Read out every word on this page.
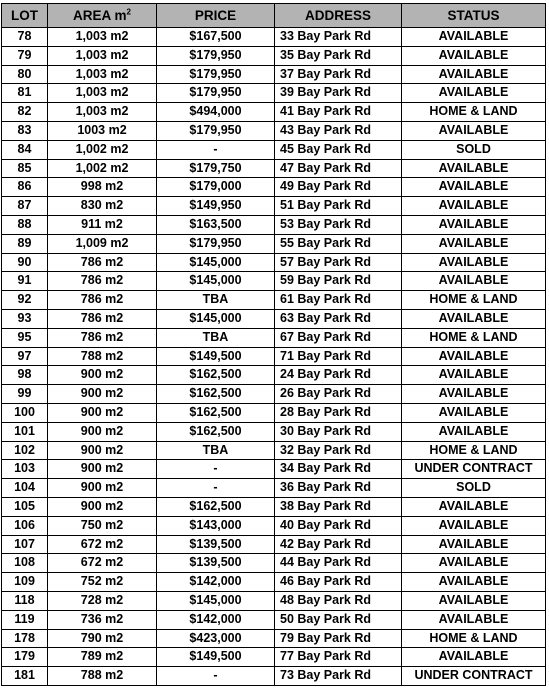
LOT	AREA $m^2$	PRICE	ADDRESS	STATUS
78	1,003 m2	$167,500	33 Bay Park Rd	AVAILABLE
79	1,003 m2	$179,950	35 Bay Park Rd	AVAILABLE
80	1,003 m2	$179,950	37 Bay Park Rd	AVAILABLE
81	1,003 m2	$179,950	39 Bay Park Rd	AVAILABLE
82	1,003 m2	$494,000	41 Bay Park Rd	HOME & LAND
83	1003 m2	$179,950	43 Bay Park Rd	AVAILABLE
84	1,002 m2	-	45 Bay Park Rd	SOLD
85	1,002 m2	$179,750	47 Bay Park Rd	AVAILABLE
86	998 m2	$179,000	49 Bay Park Rd	AVAILABLE
87	830 m2	$149,950	51 Bay Park Rd	AVAILABLE
88	911 m2	$163,500	53 Bay Park Rd	AVAILABLE
89	1,009 m2	$179,950	55 Bay Park Rd	AVAILABLE
90	786 m2	$145,000	57 Bay Park Rd	AVAILABLE
91	786 m2	$145,000	59 Bay Park Rd	AVAILABLE
92	786 m2	TBA	61 Bay Park Rd	HOME & LAND
93	786 m2	$145,000	63 Bay Park Rd	AVAILABLE
95	786 m2	TBA	67 Bay Park Rd	HOME & LAND
97	788 m2	$149,500	71 Bay Park Rd	AVAILABLE
98	900 m2	$162,500	24 Bay Park Rd	AVAILABLE
99	900 m2	$162,500	26 Bay Park Rd	AVAILABLE
100	900 m2	$162,500	28 Bay Park Rd	AVAILABLE
101	900 m2	$162,500	30 Bay Park Rd	AVAILABLE
102	900 m2	TBA	32 Bay Park Rd	HOME & LAND
103	900 m2	-	34 Bay Park Rd	UNDER CONTRACT
104	900 m2	-	36 Bay Park Rd	SOLD
105	900 m2	$162,500	38 Bay Park Rd	AVAILABLE
106	750 m2	$143,000	40 Bay Park Rd	AVAILABLE
107	672 m2	$139,500	42 Bay Park Rd	AVAILABLE
108	672 m2	$139,500	44 Bay Park Rd	AVAILABLE
109	752 m2	$142,000	46 Bay Park Rd	AVAILABLE
118	728 m2	$145,000	48 Bay Park Rd	AVAILABLE
119	736 m2	$142,000	50 Bay Park Rd	AVAILABLE
178	790 m2	$423,000	79 Bay Park Rd	HOME & LAND
179	789 m2	$149,500	77 Bay Park Rd	AVAILABLE
181	788 m2	-	73 Bay Park Rd	UNDER CONTRACT
